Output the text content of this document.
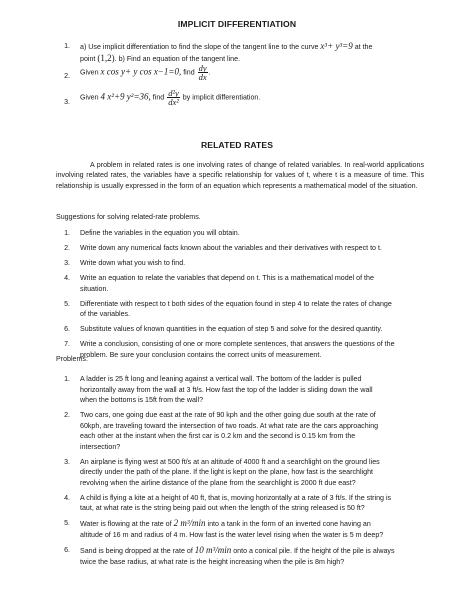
IMPLICIT DIFFERENTIATION
1. a) Use implicit differentiation to find the slope of the tangent line to the curve x³+ y³=9 at the
point (1,2). b) Find an equation of the tangent line.
2. Given x cos y+ y cos x−1=0, find $\frac{dy}{dx}$ .
3.
Given 4 x²+9 y²=36, find $\frac{\text{d²y}}{\text{dx²}}$ by implicit differentiation.
RELATED RATES
A problem in related rates is one involving rates of change of related variables. In real-world applications involving related rates, the variables have a specific relationship for values of t, where t is a measure of time. This relationship is usually expressed in the form of an equation which represents a mathematical model of the situation.
Suggestions for solving related-rate problems.
1. Define the variables in the equation you will obtain.
2. Write down any numerical facts known about the variables and their derivatives with respect to t.
3. Write down what you wish to find.
4. Write an equation to relate the variables that depend on t. This is a mathematical model of the
situation.
5. Differentiate with respect to t both sides of the equation found in step 4 to relate the rates of change
of the variables.
6. Substitute values of known quantities in the equation of step 5 and solve for the desired quantity.
7. Write a conclusion, consisting of one or more complete sentences, that answers the questions of the
problem. Be sure your conclusion contains the correct units of measurement.
Problems:
1. A ladder is 25 ft long and leaning against a vertical wall. The bottom of the ladder is pulled
horizontally away from the wall at 3 ft/s. How fast the top of the ladder is sliding down the wall
when the bottoms is 15ft from the wall?
2. Two cars, one going due east at the rate of 90 kph and the other going due south at the rate of
60kph, are traveling toward the intersection of two roads. At what rate are the cars approaching
each other at the instant when the first car is 0.2 km and the second is 0.15 km from the
intersection?
3. An airplane is flying west at 500 ft/s at an altitude of 4000 ft and a searchlight on the ground lies
directly under the path of the plane. If the light is kept on the plane, how fast is the searchlight
revolving when the airline distance of the plane from the searchlight is 2000 ft due east?
4. A child is flying a kite at a height of 40 ft, that is, moving horizontally at a rate of 3 ft/s. If the string is
taut, at what rate is the string being paid out when the length of the string released is 50 ft?
5. Water is flowing at the rate of 2 m³/min into a tank in the form of an inverted cone having an
altitude of 16 m and radius of 4 m. How fast is the water level rising when the water is 5 m deep?
6. Sand is being dropped at the rate of 10 m³/min onto a conical pile. If the height of the pile is always
twice the base radius, at what rate is the height increasing when the pile is 8m high?
